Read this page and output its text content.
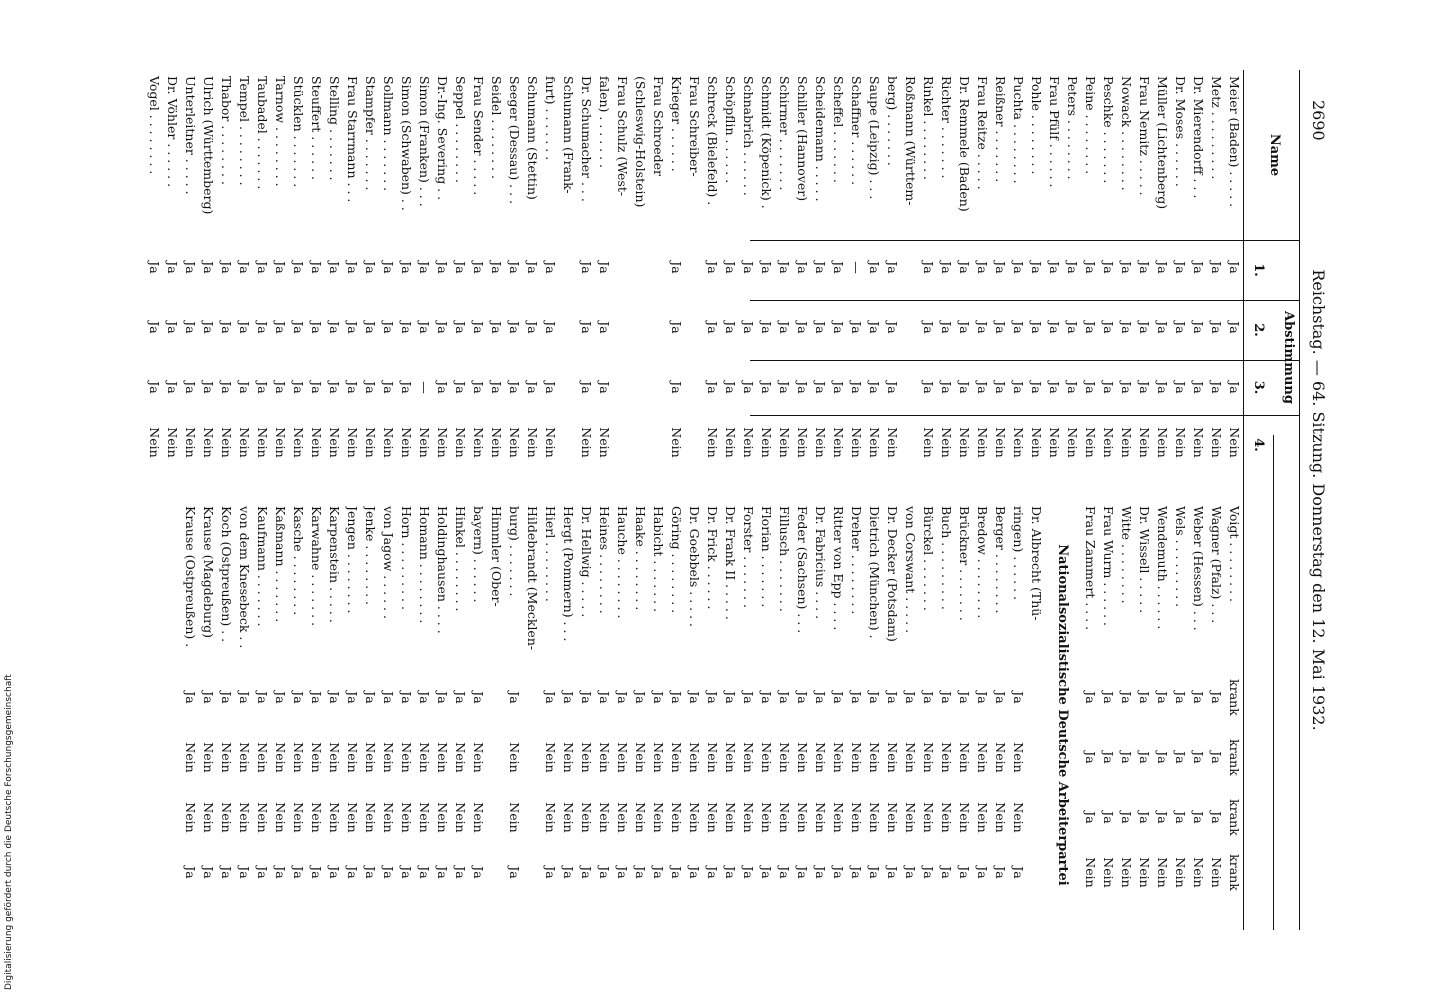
2690
Reichstag. — 64. Sitzung. Donnerstag den 12. Mai 1932.
Name
Abstimmung
1.
2.
3.
4.
Meier (Baden) . . . . .
Ja
Ja
Ja
Nein
Metz . . . . . . . . .
Ja
Ja
Ja
Nein
Dr. Mierendorff . . .
Ja
Ja
Ja
Nein
Dr. Moses . . . . . .
Ja
Ja
Ja
Nein
Müller (Lichtenberg)
Ja
Ja
Ja
Nein
Frau Nemitz . . . . .
Ja
Ja
Ja
Nein
Nowack . . . . . . . .
Ja
Ja
Ja
Nein
Peschke . . . . . . .
Ja
Ja
Ja
Nein
Peine . . . . . . . .
Ja
Ja
Ja
Nein
Peters . . . . . . . .
Ja
Ja
Ja
Nein
Frau Pfülf . . . . . .
Ja
Ja
Ja
Nein
Pohle . . . . . . . .
Ja
Ja
Ja
Nein
Puchta . . . . . . . .
Ja
Ja
Ja
Nein
Reißner . . . . . . .
Ja
Ja
Ja
Nein
Frau Reitze . . . . .
Ja
Ja
Ja
Nein
Dr. Remmele (Baden)
Ja
Ja
Ja
Nein
Richter . . . . . . .
Ja
Ja
Ja
Nein
Rinkel . . . . . . . .
Ja
Ja
Ja
Nein
Roßmann (Württem-
berg) . . . . . . .
Ja
Ja
Ja
Nein
Saupe (Leipzig) . . .
Ja
Ja
Ja
Nein
Schaffner . . . . . .
—
Ja
Ja
Nein
Scheffel . . . . . . .
Ja
Ja
Ja
Nein
Scheidemann . . . . .
Ja
Ja
Ja
Nein
Schiller (Hannover)
Ja
Ja
Ja
Nein
Schirmer . . . . . . .
Ja
Ja
Ja
Nein
Schmidt (Köpenick) .
Ja
Ja
Ja
Nein
Schnabrich . . . . . .
Ja
Ja
Ja
Nein
Schöpflin . . . . . .
Ja
Ja
Ja
Nein
Schreck (Bielefeld) .
Ja
Ja
Ja
Nein
Frau Schreiber-
Krieger . . . . . .
Ja
Ja
Ja
Nein
Frau Schroeder
(Schleswig-Holstein)
Frau Schulz (West-
falen) . . . . . . .
Ja
Ja
Ja
Nein
Dr. Schumacher . . .
Ja
Ja
Ja
Nein
Schumann (Frank-
furt) . . . . . . .
Ja
Ja
Ja
Nein
Schumann (Stettin)
Ja
Ja
Ja
Nein
Seeger (Dessau) . . .
Ja
Ja
Ja
Nein
Seidel . . . . . . . .
Ja
Ja
Ja
Nein
Frau Sender . . . . .
Ja
Ja
Ja
Nein
Seppel . . . . . . . .
Ja
Ja
Ja
Nein
Dr.-Ing. Severing . .
Ja
Ja
Ja
Nein
Simon (Franken) . . .
Ja
Ja
—
Nein
Simon (Schwaben) . .
Ja
Ja
Ja
Nein
Sollmann . . . . . . .
Ja
Ja
Ja
Nein
Stampfer . . . . . . .
Ja
Ja
Ja
Nein
Frau Starrmann . . .
Ja
Ja
Ja
Nein
Stelling . . . . . . .
Ja
Ja
Ja
Nein
Steuffert . . . . . .
Ja
Ja
Ja
Nein
Stücklen . . . . . . .
Ja
Ja
Ja
Nein
Tarnow . . . . . . . .
Ja
Ja
Ja
Nein
Taubadel . . . . . . .
Ja
Ja
Ja
Nein
Tempel . . . . . . . .
Ja
Ja
Ja
Nein
Thabor . . . . . . . .
Ja
Ja
Ja
Nein
Ulrich (Württemberg)
Ja
Ja
Ja
Nein
Unterleitner . . . . .
Ja
Ja
Ja
Nein
Dr. Vöhler . . . . . .
Ja
Ja
Ja
Nein
Vogel . . . . . . . .
Ja
Ja
Ja
Nein
Voigt . . . . . . . .
krank
krank
krank
krank
Wagner (Pfalz) . . .
Ja
Ja
Ja
Nein
Weber (Hessen) . . .
Ja
Ja
Ja
Nein
Wels . . . . . . . . .
Ja
Ja
Ja
Nein
Wendemuth . . . . . .
Ja
Ja
Ja
Nein
Dr. Wissell . . . . .
Ja
Ja
Ja
Nein
Witte . . . . . . . .
Ja
Ja
Ja
Nein
Frau Wurm . . . . . .
Ja
Ja
Ja
Nein
Frau Zammert . . . .
Ja
Ja
Ja
Nein
Nationalsozialistische Deutsche Arbeiterpartei
Dr. Albrecht (Thü-
ringen) . . . . . .
Ja
Nein
Nein
Ja
Berger . . . . . . . .
Ja
Nein
Nein
Ja
Bredow . . . . . . . .
Ja
Nein
Nein
Ja
Brückner . . . . . . .
Ja
Nein
Nein
Ja
Buch . . . . . . . . .
Ja
Nein
Nein
Ja
Bürckel . . . . . . .
Ja
Nein
Nein
Ja
von Corswant . . . . .
Ja
Nein
Nein
Ja
Dr. Decker (Potsdam)
Ja
Nein
Nein
Ja
Dietrich (München) .
Ja
Nein
Nein
Ja
Dreher . . . . . . . .
Ja
Nein
Nein
Ja
Ritter von Epp . . . .
Ja
Nein
Nein
Ja
Dr. Fabricius . . . .
Ja
Nein
Nein
Ja
Feder (Sachsen) . . .
Ja
Nein
Nein
Ja
Fillusch . . . . . . .
Ja
Nein
Nein
Ja
Florian . . . . . . .
Ja
Nein
Nein
Ja
Forster . . . . . . .
Ja
Nein
Nein
Ja
Dr. Frank II . . . . .
Ja
Nein
Nein
Ja
Dr. Frick . . . . . .
Ja
Nein
Nein
Ja
Dr. Goebbels . . . . .
Ja
Nein
Nein
Ja
Göring . . . . . . . .
Ja
Nein
Nein
Ja
Habicht . . . . . . .
Ja
Nein
Nein
Ja
Haake . . . . . . . .
Ja
Nein
Nein
Ja
Hauche . . . . . . . .
Ja
Nein
Nein
Ja
Heines . . . . . . . .
Ja
Nein
Nein
Ja
Dr. Hellwig . . . . .
Ja
Nein
Nein
Ja
Hergt (Pommern) . . .
Ja
Nein
Nein
Ja
Hierl . . . . . . . .
Ja
Nein
Nein
Ja
Hildebrandt (Mecklen-
burg) . . . . . . .
Ja
Nein
Nein
Ja
Himmler (Ober-
bayern) . . . . . .
Ja
Nein
Nein
Ja
Hinkel . . . . . . . .
Ja
Nein
Nein
Ja
Holdinghausen . . . .
Ja
Nein
Nein
Ja
Homann . . . . . . . .
Ja
Nein
Nein
Ja
Horn . . . . . . . . .
Ja
Nein
Nein
Ja
von Jagow . . . . . .
Ja
Nein
Nein
Ja
Jenke . . . . . . . .
Ja
Nein
Nein
Ja
Jengen . . . . . . . .
Ja
Nein
Nein
Ja
Karpenstein . . . . .
Ja
Nein
Nein
Ja
Karwahne . . . . . . .
Ja
Nein
Nein
Ja
Kasche . . . . . . . .
Ja
Nein
Nein
Ja
Kaßmann . . . . . . .
Ja
Nein
Nein
Ja
Kaufmann . . . . . . .
Ja
Nein
Nein
Ja
von dem Knesebeck . .
Ja
Nein
Nein
Ja
Koch (Ostpreußen) . .
Ja
Nein
Nein
Ja
Krause (Magdeburg)
Ja
Nein
Nein
Ja
Krause (Ostpreußen) .
Ja
Nein
Nein
Ja
Digitalisierung gefördert durch die Deutsche Forschungsgemeinschaft
